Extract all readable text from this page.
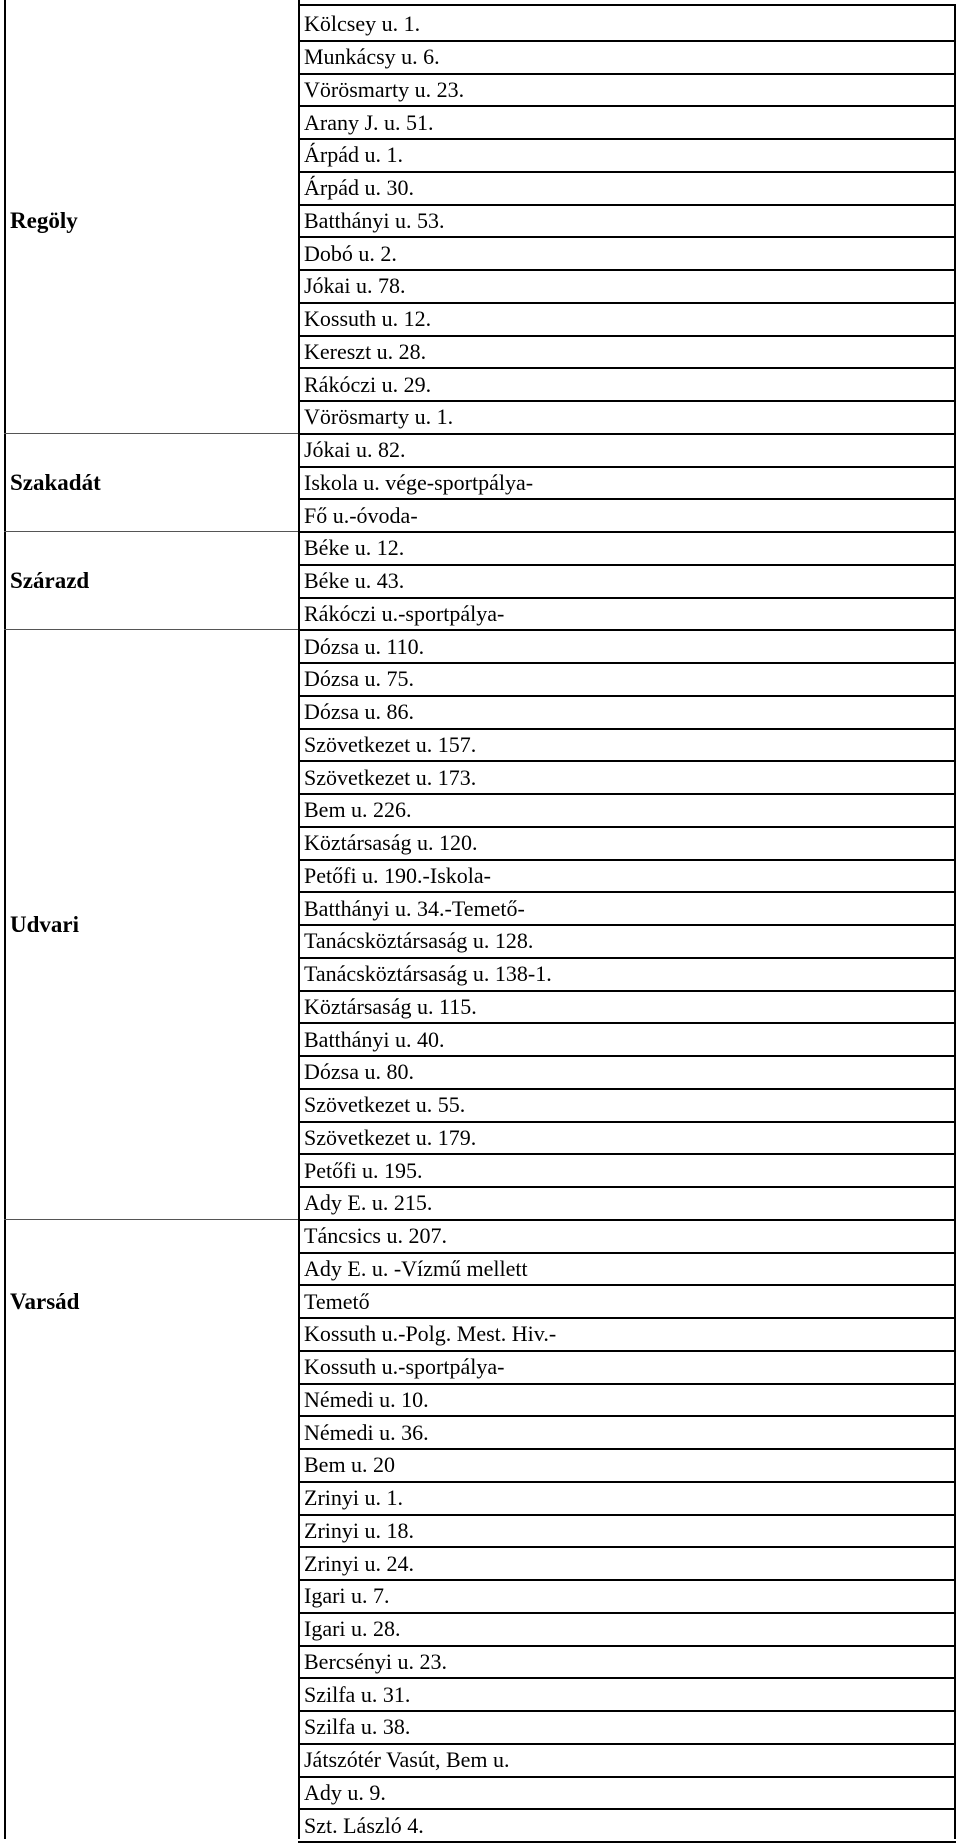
Kölcsey u. 1.
Munkácsy u. 6.
Vörösmarty u. 23.
Arany J. u. 51.
Árpád u. 1.
Árpád u. 30.
Batthányi u. 53.
Dobó u. 2.
Jókai u. 78.
Kossuth u. 12.
Kereszt u. 28.
Rákóczi u. 29.
Vörösmarty u. 1.
Regöly
Jókai u. 82.
Iskola u. vége-sportpálya-
Fő u.-óvoda-
Szakadát
Béke u. 12.
Béke u. 43.
Rákóczi u.-sportpálya-
Szárazd
Dózsa u. 110.
Dózsa u. 75.
Dózsa u. 86.
Szövetkezet u. 157.
Szövetkezet u. 173.
Bem u. 226.
Köztársaság u. 120.
Petőfi u. 190.-Iskola-
Batthányi u. 34.-Temető-
Tanácsköztársaság u. 128.
Tanácsköztársaság u. 138-1.
Köztársaság u. 115.
Batthányi u. 40.
Dózsa u. 80.
Szövetkezet u. 55.
Szövetkezet u. 179.
Petőfi u. 195.
Ady E. u. 215.
Udvari
Táncsics u. 207.
Ady E. u. -Vízmű mellett
Temető
Kossuth u.-Polg. Mest. Hiv.-
Kossuth u.-sportpálya-
Varsád
Némedi u. 10.
Némedi u. 36.
Bem u. 20
Zrinyi u. 1.
Zrinyi u. 18.
Zrinyi u. 24.
Igari u. 7.
Igari u. 28.
Bercsényi u. 23.
Szilfa u. 31.
Szilfa u. 38.
Játszótér Vasút, Bem u.
Ady u. 9.
Szt. László 4.
